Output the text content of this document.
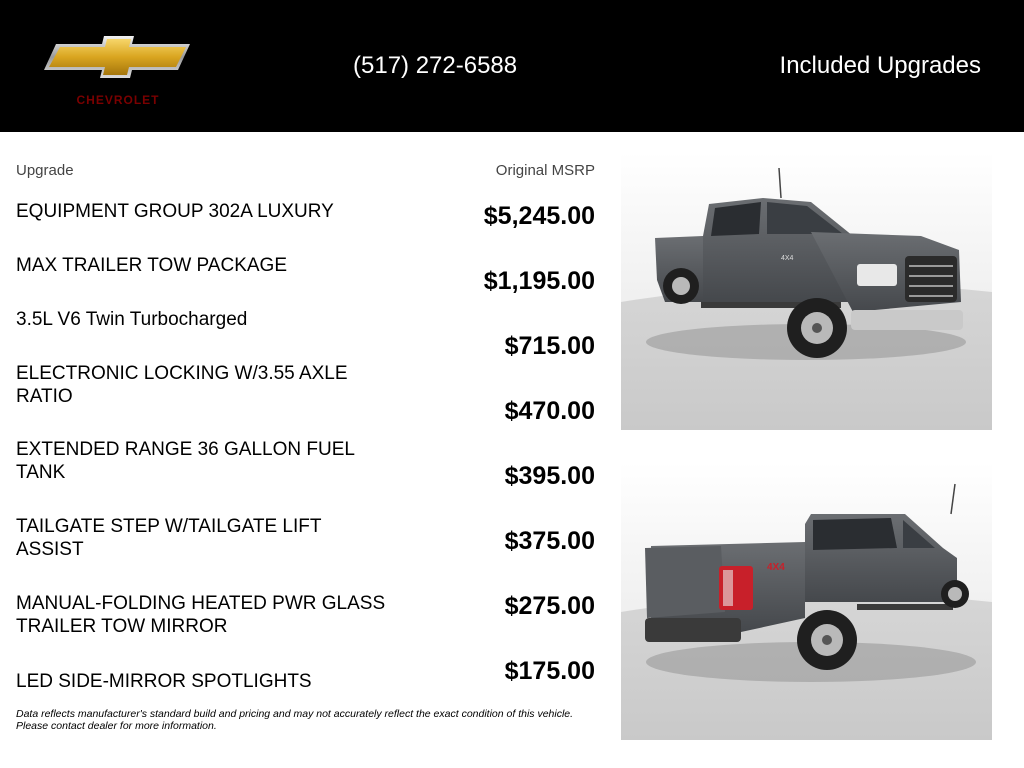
CHEVROLET
(517) 272-6588	Included Upgrades
Upgrade	Original MSRP
EQUIPMENT GROUP 302A LUXURY
MAX TRAILER TOW PACKAGE
3.5L V6 Twin Turbocharged
ELECTRONIC LOCKING W/3.55 AXLE RATIO
EXTENDED RANGE 36 GALLON FUEL TANK
TAILGATE STEP W/TAILGATE LIFT ASSIST
MANUAL-FOLDING HEATED PWR GLASS TRAILER TOW MIRROR
LED SIDE-MIRROR SPOTLIGHTS
$5,245.00
$1,195.00
$715.00
$470.00
$395.00
$375.00
$275.00
$175.00
Data reflects manufacturer's standard build and pricing and may not accurately reflect the exact condition of this vehicle.
Please contact dealer for more information.
4X4
4X4
